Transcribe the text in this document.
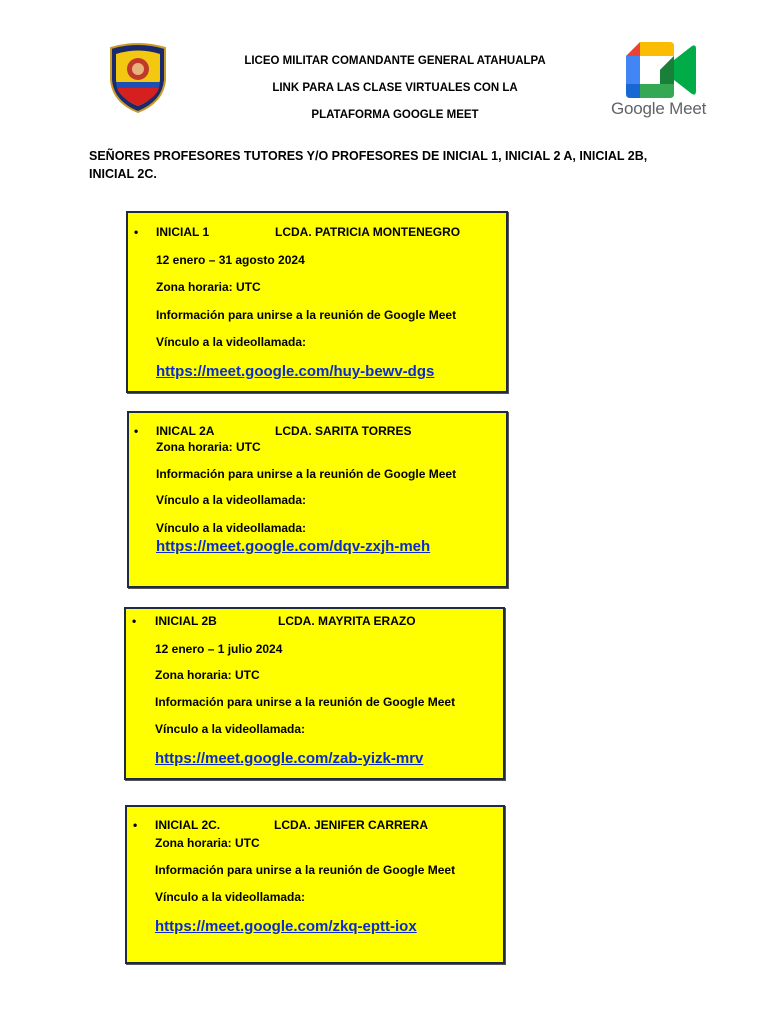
LICEO MILITAR COMANDANTE GENERAL ATAHUALPA
LINK PARA LAS CLASE VIRTUALES CON LA
PLATAFORMA GOOGLE MEET	Google Meet
SEÑORES PROFESORES TUTORES Y/O PROFESORES DE INICIAL 1, INICIAL 2 A, INICIAL 2B, INICIAL 2C.
• INICIAL 1	LCDA. PATRICIA MONTENEGRO
12 enero – 31 agosto 2024
Zona horaria: UTC
Información para unirse a la reunión de Google Meet
Vínculo a la videollamada:
https://meet.google.com/huy-bewv-dgs
• INICAL 2A	LCDA. SARITA TORRES
Zona horaria: UTC
Información para unirse a la reunión de Google Meet
Vínculo a la videollamada:
Vínculo a la videollamada:
https://meet.google.com/dqv-zxjh-meh
• INICIAL 2B	LCDA. MAYRITA ERAZO
12 enero – 1 julio 2024
Zona horaria: UTC
Información para unirse a la reunión de Google Meet
Vínculo a la videollamada:
https://meet.google.com/zab-yizk-mrv
• INICIAL 2C.	LCDA. JENIFER CARRERA
Zona horaria: UTC
Información para unirse a la reunión de Google Meet
Vínculo a la videollamada:
https://meet.google.com/zkq-eptt-iox
